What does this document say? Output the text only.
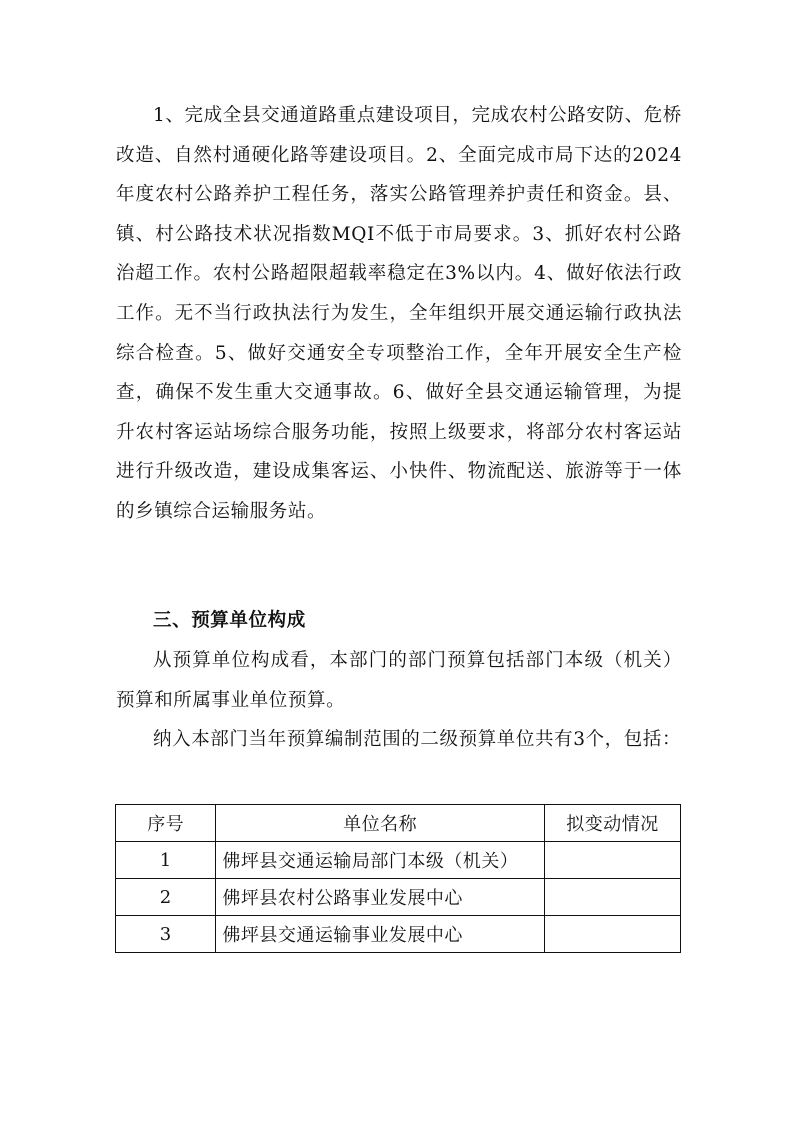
1、完成全县交通道路重点建设项目，完成农村公路安防、危桥改造、自然村通硬化路等建设项目。2、全面完成市局下达的2024年度农村公路养护工程任务，落实公路管理养护责任和资金。县、镇、村公路技术状况指数MQI不低于市局要求。3、抓好农村公路治超工作。农村公路超限超载率稳定在3%以内。4、做好依法行政工作。无不当行政执法行为发生，全年组织开展交通运输行政执法综合检查。5、做好交通安全专项整治工作，全年开展安全生产检查，确保不发生重大交通事故。6、做好全县交通运输管理，为提升农村客运站场综合服务功能，按照上级要求，将部分农村客运站进行升级改造，建设成集客运、小快件、物流配送、旅游等于一体的乡镇综合运输服务站。

三、预算单位构成

从预算单位构成看，本部门的部门预算包括部门本级（机关）预算和所属事业单位预算。

纳入本部门当年预算编制范围的二级预算单位共有3个，包括：

序号	单位名称	拟变动情况
1	佛坪县交通运输局部门本级（机关）	
2	佛坪县农村公路事业发展中心	
3	佛坪县交通运输事业发展中心	
